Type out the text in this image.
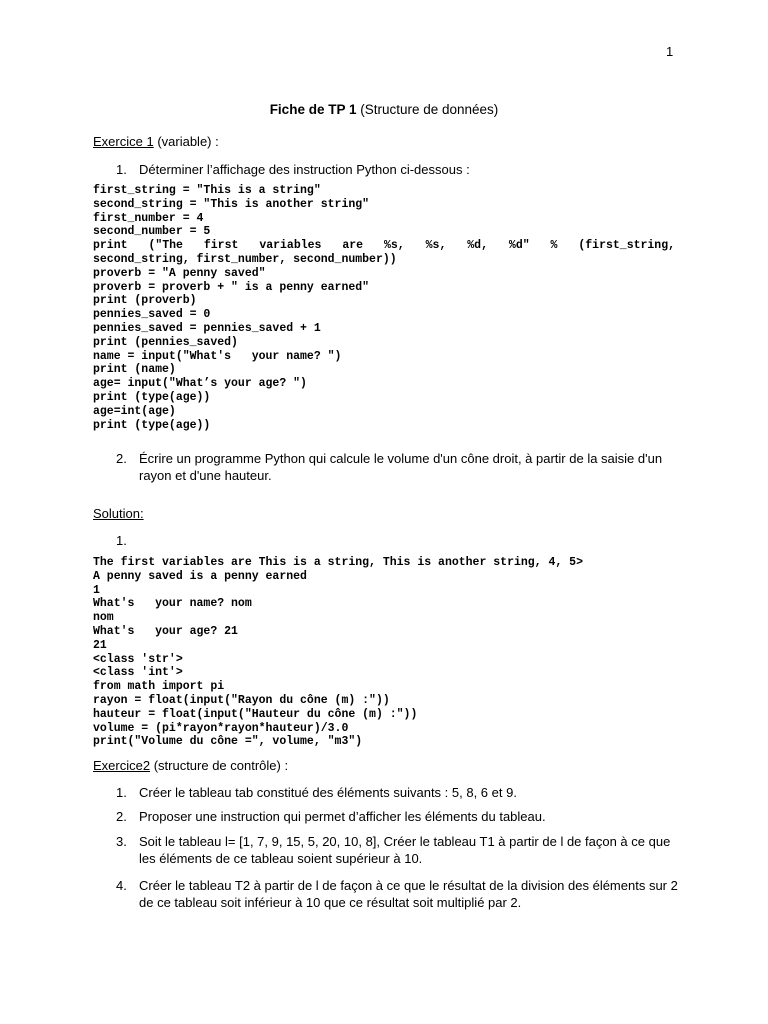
1
Fiche de TP 1 (Structure de données)
Exercice 1 (variable) :
1. Déterminer l’affichage des instruction Python ci-dessous :
first_string = "This is a string"
second_string = "This is another string"
first_number = 4
second_number = 5
print ("The first variables are %s, %s, %d, %d" % (first_string,
second_string, first_number, second_number))
proverb = "A penny saved"
proverb = proverb + " is a penny earned"
print (proverb)
pennies_saved = 0
pennies_saved = pennies_saved + 1
print (pennies_saved)
name = input("What's   your name? ")
print (name)
age= input("What’s your age? ")
print (type(age))
age=int(age)
print (type(age))
2. Écrire un programme Python qui calcule le volume d'un cône droit, à partir de la saisie d'un rayon et d'une hauteur.
Solution:
1.
The first variables are This is a string, This is another string, 4, 5>
A penny saved is a penny earned
1
What's   your name? nom
nom
What's   your age? 21
21
<class 'str'>
<class 'int'>
from math import pi
rayon = float(input("Rayon du cône (m) :"))
hauteur = float(input("Hauteur du cône (m) :"))
volume = (pi*rayon*rayon*hauteur)/3.0
print("Volume du cône =", volume, "m3")
Exercice2 (structure de contrôle) :
1. Créer le tableau tab constitué des éléments suivants : 5, 8, 6 et 9.
2. Proposer une instruction qui permet d’afficher les éléments du tableau.
3. Soit le tableau l= [1, 7, 9, 15, 5, 20, 10, 8], Créer le tableau T1 à partir de l de façon à ce que les éléments de ce tableau soient supérieur à 10.
4. Créer le tableau T2 à partir de l de façon à ce que le résultat de la division des éléments sur 2 de ce tableau soit inférieur à 10 que ce résultat soit multiplié par 2.
